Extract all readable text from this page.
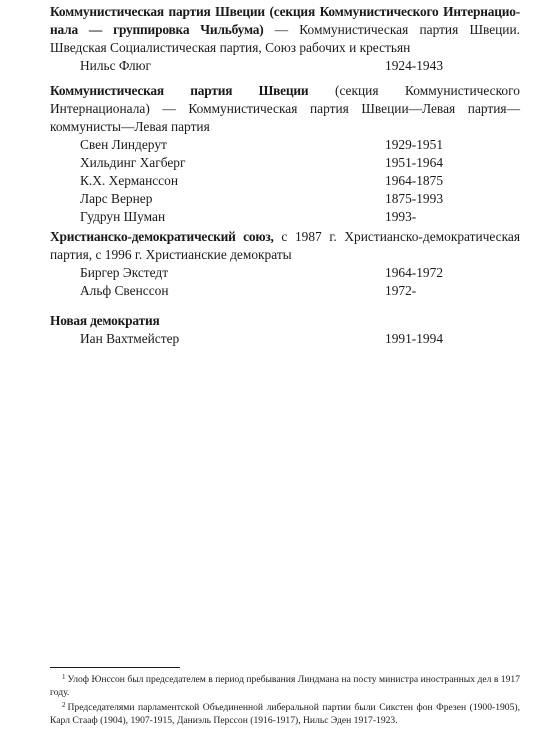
Коммунистическая партия Швеции (секция Коммунистического Интернацио-нала — группировка Чильбума) — Коммунистическая партия Швеции. Шведская Социалистическая партия, Союз рабочих и крестьян

Нильс Флюг	1924-1943

Коммунистическая партия Швеции (секция Коммунистического Интернационала) — Коммунистическая партия Швеции—Левая партия—коммунисты—Левая партия

Свен Линдерут	1929-1951
Хильдинг Хагберг	1951-1964
К.Х. Херманссон	1964-1875
Ларс Вернер	1875-1993
Гудрун Шуман	1993-

Христианско-демократический союз, с 1987 г. Христианско-демократическая партия, с 1996 г. Христианские демократы

Биргер Экстедт	1964-1972
Альф Свенссон	1972-

Новая демократия

Иан Вахтмейстер	1991-1994

$^1$ Улоф Юнссон был председателем в период пребывания Линдмана на посту министра иностранных дел в 1917 году.

$^2$ Председателями парламентской Объединенной либеральной партии были Сикстен фон Фрезен (1900-1905), Карл Стааф (1904), 1907-1915, Даниэль Перссон (1916-1917), Нильс Эден 1917-1923.
